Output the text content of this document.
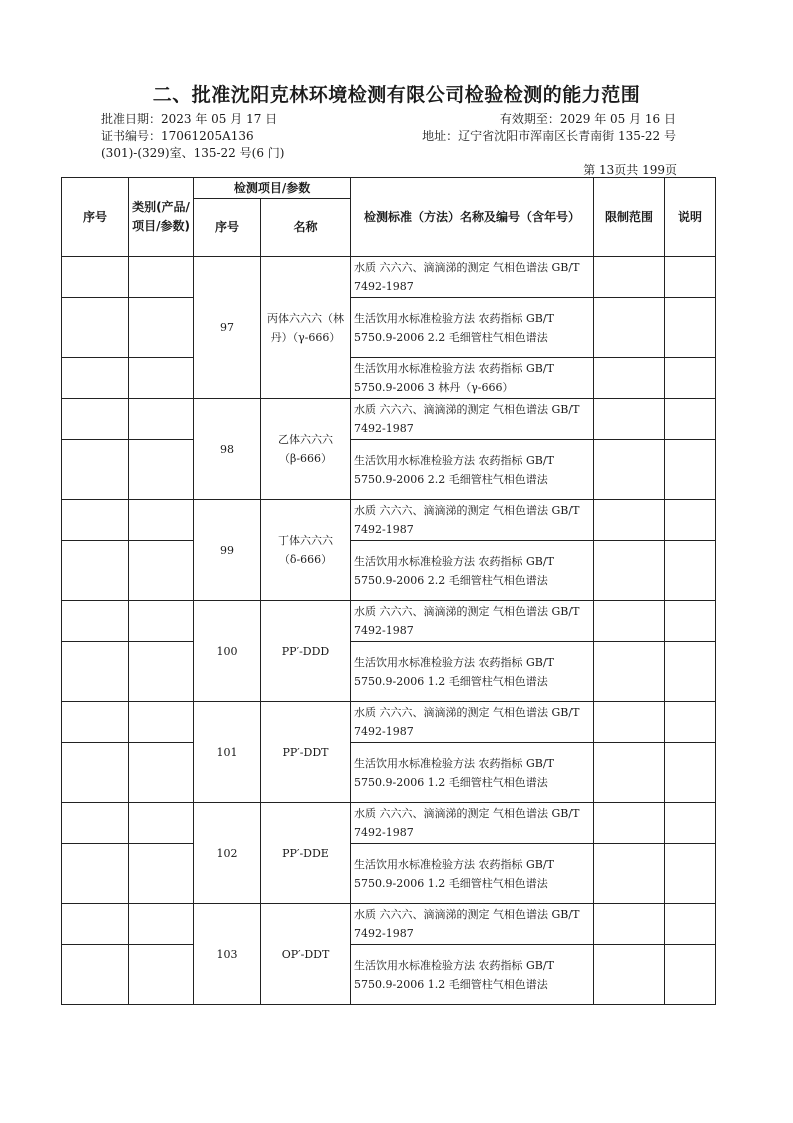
二、批准沈阳克林环境检测有限公司检验检测的能力范围
批准日期：2023 年 05 月 17 日	有效期至：2029 年 05 月 16 日
证书编号：17061205A136	地址：辽宁省沈阳市浑南区长青南街 135-22 号
(301)-(329)室、135-22 号(6 门)
第 13页共 199页
序号	类别(产品/项目/参数)	检测项目/参数		检测标准（方法）名称及编号（含年号）	限制范围	说明
		序号	名称			
		97	丙体六六六（林丹）（γ-666）	水质 六六六、滴滴涕的测定 气相色谱法 GB/T 7492-1987		
				生活饮用水标准检验方法 农药指标 GB/T 5750.9-2006 2.2 毛细管柱气相色谱法		
				生活饮用水标准检验方法 农药指标 GB/T 5750.9-2006 3 林丹（γ-666）		
		98	乙体六六六（β-666）	水质 六六六、滴滴涕的测定 气相色谱法 GB/T 7492-1987		
				生活饮用水标准检验方法 农药指标 GB/T 5750.9-2006 2.2 毛细管柱气相色谱法		
		99	丁体六六六（δ-666）	水质 六六六、滴滴涕的测定 气相色谱法 GB/T 7492-1987		
				生活饮用水标准检验方法 农药指标 GB/T 5750.9-2006 2.2 毛细管柱气相色谱法		
		100	PP′-DDD	水质 六六六、滴滴涕的测定 气相色谱法 GB/T 7492-1987		
				生活饮用水标准检验方法 农药指标 GB/T 5750.9-2006 1.2 毛细管柱气相色谱法		
		101	PP′-DDT	水质 六六六、滴滴涕的测定 气相色谱法 GB/T 7492-1987		
				生活饮用水标准检验方法 农药指标 GB/T 5750.9-2006 1.2 毛细管柱气相色谱法		
		102	PP′-DDE	水质 六六六、滴滴涕的测定 气相色谱法 GB/T 7492-1987		
				生活饮用水标准检验方法 农药指标 GB/T 5750.9-2006 1.2 毛细管柱气相色谱法		
		103	OP′-DDT	水质 六六六、滴滴涕的测定 气相色谱法 GB/T 7492-1987		
				生活饮用水标准检验方法 农药指标 GB/T 5750.9-2006 1.2 毛细管柱气相色谱法		
